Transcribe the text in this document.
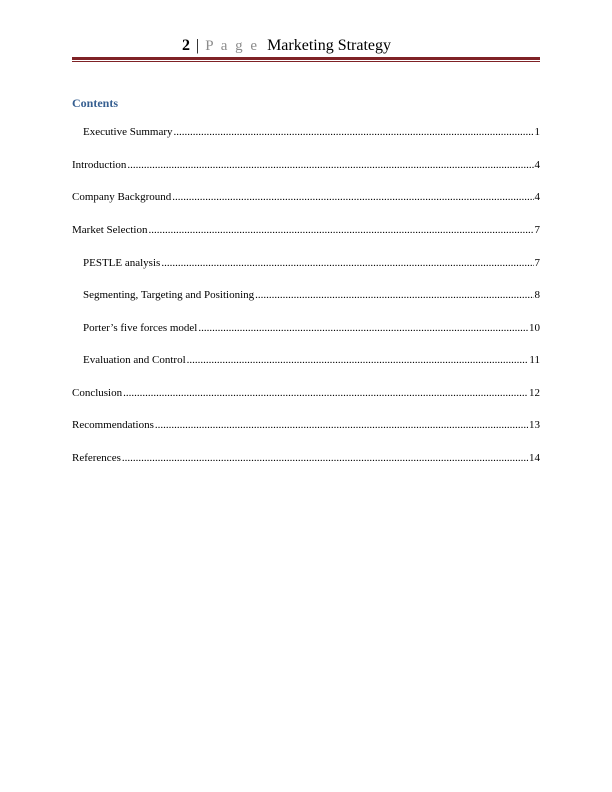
2 | P a g e Marketing Strategy
Contents
Executive Summary .....	1
Introduction .....	4
Company Background .....	4
Market Selection .....	7
PESTLE analysis .....	7
Segmenting, Targeting and Positioning .....	8
Porter’s five forces model .....	10
Evaluation and Control .....	11
Conclusion .....	12
Recommendations .....	13
References .....	14
